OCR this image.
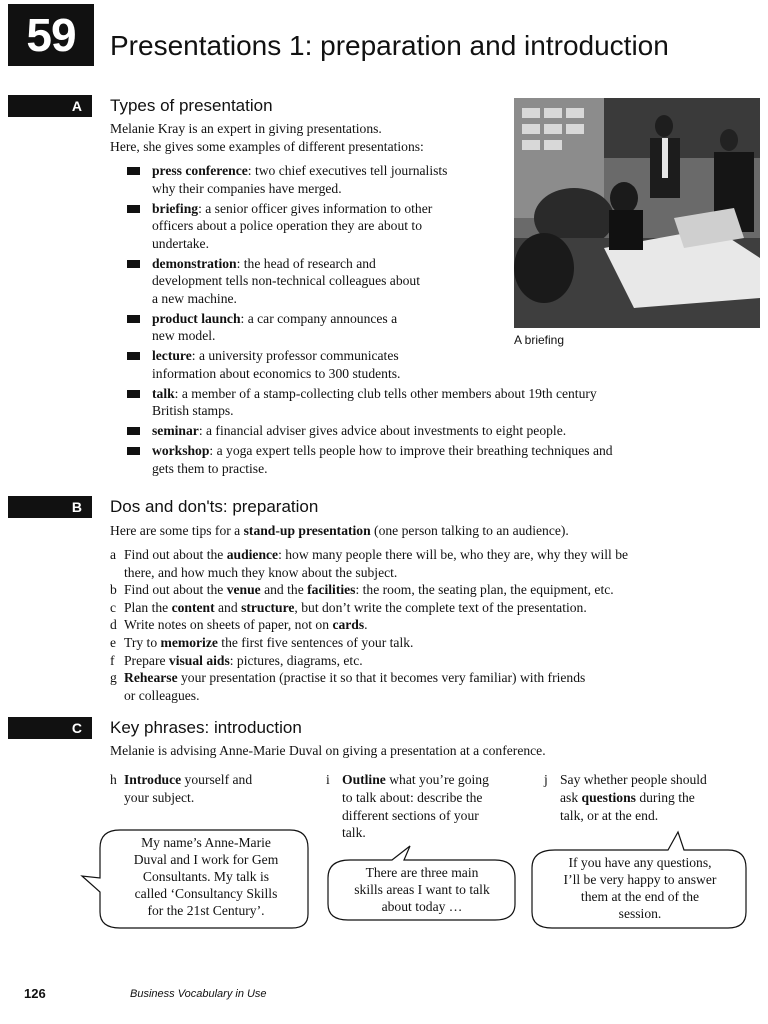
59	Presentations 1: preparation and introduction
A	Types of presentation
Melanie Kray is an expert in giving presentations.
Here, she gives some examples of different presentations:
press conference: two chief executives tell journalists
why their companies have merged.
briefing: a senior officer gives information to other
officers about a police operation they are about to
undertake.
demonstration: the head of research and
development tells non-technical colleagues about
a new machine.
product launch: a car company announces a
new model.
lecture: a university professor communicates
information about economics to 300 students.
talk: a member of a stamp-collecting club tells other members about 19th century
British stamps.
seminar: a financial adviser gives advice about investments to eight people.
workshop: a yoga expert tells people how to improve their breathing techniques and
gets them to practise.
A briefing
B	Dos and don'ts: preparation
Here are some tips for a stand-up presentation (one person talking to an audience).
a Find out about the audience: how many people there will be, who they are, why they will be
there, and how much they know about the subject.
b Find out about the venue and the facilities: the room, the seating plan, the equipment, etc.
c Plan the content and structure, but don’t write the complete text of the presentation.
d Write notes on sheets of paper, not on cards.
e Try to memorize the first five sentences of your talk.
f Prepare visual aids: pictures, diagrams, etc.
g Rehearse your presentation (practise it so that it becomes very familiar) with friends
or colleagues.
C	Key phrases: introduction
Melanie is advising Anne-Marie Duval on giving a presentation at a conference.
h Introduce yourself and
your subject.
i Outline what you’re going
to talk about: describe the
different sections of your
talk.
j Say whether people should
ask questions during the
talk, or at the end.
My name’s Anne-Marie
Duval and I work for Gem
Consultants. My talk is
called ‘Consultancy Skills
for the 21st Century’.
There are three main
skills areas I want to talk
about today …
If you have any questions,
I’ll be very happy to answer
them at the end of the
session.
126	Business Vocabulary in Use
